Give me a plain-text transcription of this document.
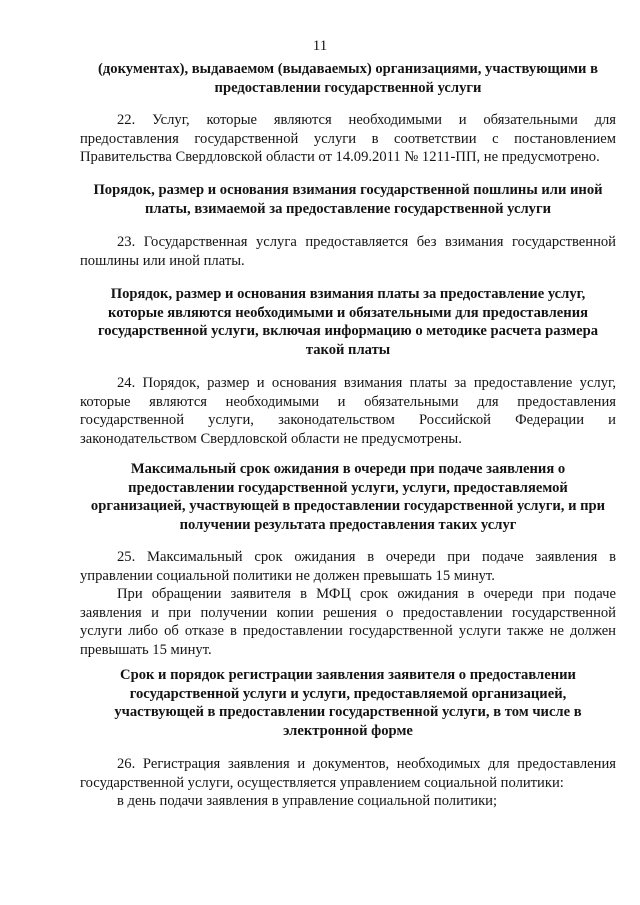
11
(документах), выдаваемом (выдаваемых) организациями, участвующими в предоставлении государственной услуги
22. Услуг, которые являются необходимыми и обязательными для предоставления государственной услуги в соответствии с постановлением Правительства Свердловской области от 14.09.2011 № 1211-ПП, не предусмотрено.
Порядок, размер и основания взимания государственной пошлины или иной платы, взимаемой за предоставление государственной услуги
23. Государственная услуга предоставляется без взимания государственной пошлины или иной платы.
Порядок, размер и основания взимания платы за предоставление услуг, которые являются необходимыми и обязательными для предоставления государственной услуги, включая информацию о методике расчета размера такой платы
24. Порядок, размер и основания взимания платы за предоставление услуг, которые являются необходимыми и обязательными для предоставления государственной услуги, законодательством Российской Федерации и законодательством Свердловской области не предусмотрены.
Максимальный срок ожидания в очереди при подаче заявления о предоставлении государственной услуги, услуги, предоставляемой организацией, участвующей в предоставлении государственной услуги, и при получении результата предоставления таких услуг
25. Максимальный срок ожидания в очереди при подаче заявления в управлении социальной политики не должен превышать 15 минут.
При обращении заявителя в МФЦ срок ожидания в очереди при подаче заявления и при получении копии решения о предоставлении государственной услуги либо об отказе в предоставлении государственной услуги также не должен превышать 15 минут.
Срок и порядок регистрации заявления заявителя о предоставлении государственной услуги и услуги, предоставляемой организацией, участвующей в предоставлении государственной услуги, в том числе в электронной форме
26. Регистрация заявления и документов, необходимых для предоставления государственной услуги, осуществляется управлением социальной политики:
в день подачи заявления в управление социальной политики;
